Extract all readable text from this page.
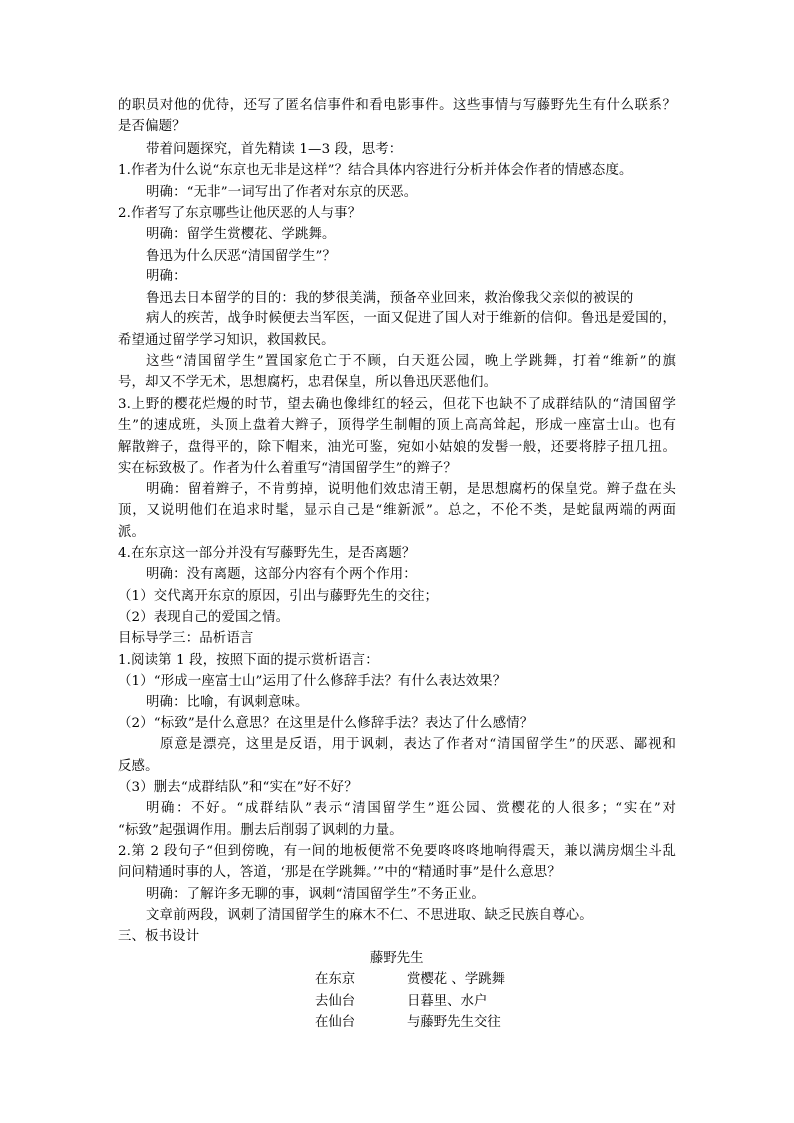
的职员对他的优待，还写了匿名信事件和看电影事件。这些事情与写藤野先生有什么联系？
是否偏题？
带着问题探究，首先精读 1—3 段，思考：
1.作者为什么说“东京也无非是这样”？结合具体内容进行分析并体会作者的情感态度。
明确：“无非”一词写出了作者对东京的厌恶。
2.作者写了东京哪些让他厌恶的人与事？
明确：留学生赏樱花、学跳舞。
鲁迅为什么厌恶“清国留学生”？
明确：
鲁迅去日本留学的目的：我的梦很美满，预备卒业回来，救治像我父亲似的被误的
病人的疾苦，战争时候便去当军医，一面又促进了国人对于维新的信仰。鲁迅是爱国的，
希望通过留学学习知识，救国救民。
这些“清国留学生”置国家危亡于不顾，白天逛公园，晚上学跳舞，打着“维新”的旗
号，却又不学无术，思想腐朽，忠君保皇，所以鲁迅厌恶他们。
3.上野的樱花烂熳的时节，望去确也像绯红的轻云，但花下也缺不了成群结队的“清国留学
生”的速成班，头顶上盘着大辫子，顶得学生制帽的顶上高高耸起，形成一座富士山。也有
解散辫子，盘得平的，除下帽来，油光可鉴，宛如小姑娘的发髻一般，还要将脖子扭几扭。
实在标致极了。作者为什么着重写“清国留学生”的辫子？
明确：留着辫子，不肯剪掉，说明他们效忠清王朝，是思想腐朽的保皇党。辫子盘在头
顶，又说明他们在追求时髦，显示自己是“维新派”。总之，不伦不类，是蛇鼠两端的两面
派。
4.在东京这一部分并没有写藤野先生，是否离题？
明确：没有离题，这部分内容有个两个作用：
（1）交代离开东京的原因，引出与藤野先生的交往；
（2）表现自己的爱国之情。
目标导学三：品析语言
1.阅读第 1 段，按照下面的提示赏析语言：
（1）“形成一座富士山”运用了什么修辞手法？有什么表达效果？
明确：比喻，有讽刺意味。
（2）“标致”是什么意思？在这里是什么修辞手法？表达了什么感情？
原意是漂亮，这里是反语，用于讽刺，表达了作者对“清国留学生”的厌恶、鄙视和
反感。
（3）删去“成群结队”和“实在”好不好？
明确：不好。“成群结队”表示“清国留学生”逛公园、赏樱花的人很多；“实在”对
“标致”起强调作用。删去后削弱了讽刺的力量。
2.第 2 段句子“但到傍晚，有一间的地板便常不免要咚咚咚地响得震天，兼以满房烟尘斗乱
问问精通时事的人，答道，‘那是在学跳舞。’”中的“精通时事”是什么意思？
明确：了解许多无聊的事，讽刺“清国留学生”不务正业。
文章前两段，讽刺了清国留学生的麻木不仁、不思进取、缺乏民族自尊心。
三、板书设计
藤野先生
在东京	赏樱花 、学跳舞
去仙台	日暮里、水户
在仙台	与藤野先生交往
